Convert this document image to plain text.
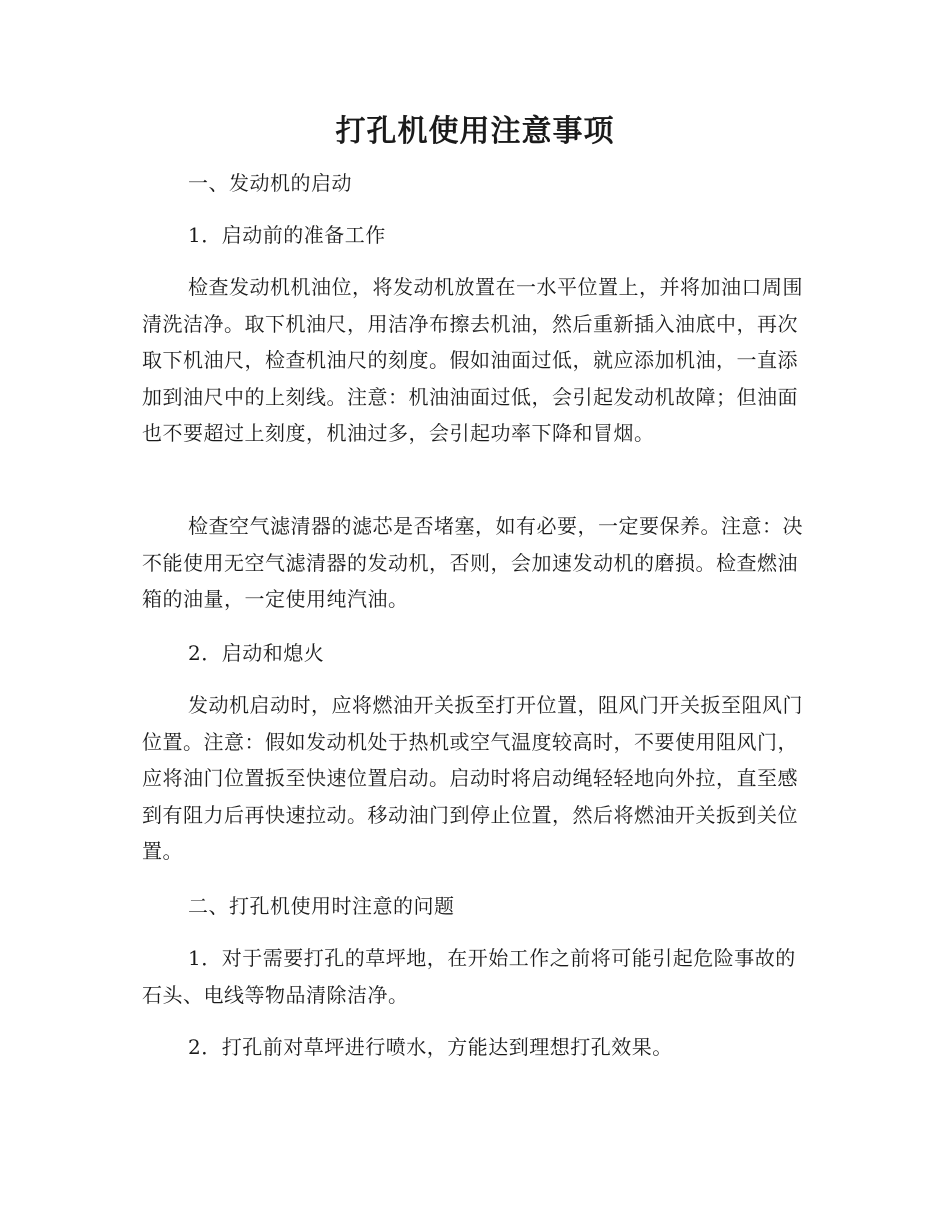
打孔机使用注意事项

一、发动机的启动

1．启动前的准备工作

检查发动机机油位，将发动机放置在一水平位置上，并将加油口周围清洗洁净。取下机油尺，用洁净布擦去机油，然后重新插入油底中，再次取下机油尺，检查机油尺的刻度。假如油面过低，就应添加机油，一直添加到油尺中的上刻线。注意：机油油面过低，会引起发动机故障；但油面也不要超过上刻度，机油过多，会引起功率下降和冒烟。

检查空气滤清器的滤芯是否堵塞，如有必要，一定要保养。注意：决不能使用无空气滤清器的发动机，否则，会加速发动机的磨损。检查燃油箱的油量，一定使用纯汽油。

2．启动和熄火

发动机启动时，应将燃油开关扳至打开位置，阻风门开关扳至阻风门位置。注意：假如发动机处于热机或空气温度较高时，不要使用阻风门，应将油门位置扳至快速位置启动。启动时将启动绳轻轻地向外拉，直至感到有阻力后再快速拉动。移动油门到停止位置，然后将燃油开关扳到关位置。

二、打孔机使用时注意的问题

1．对于需要打孔的草坪地，在开始工作之前将可能引起危险事故的石头、电线等物品清除洁净。

2．打孔前对草坪进行喷水，方能达到理想打孔效果。
